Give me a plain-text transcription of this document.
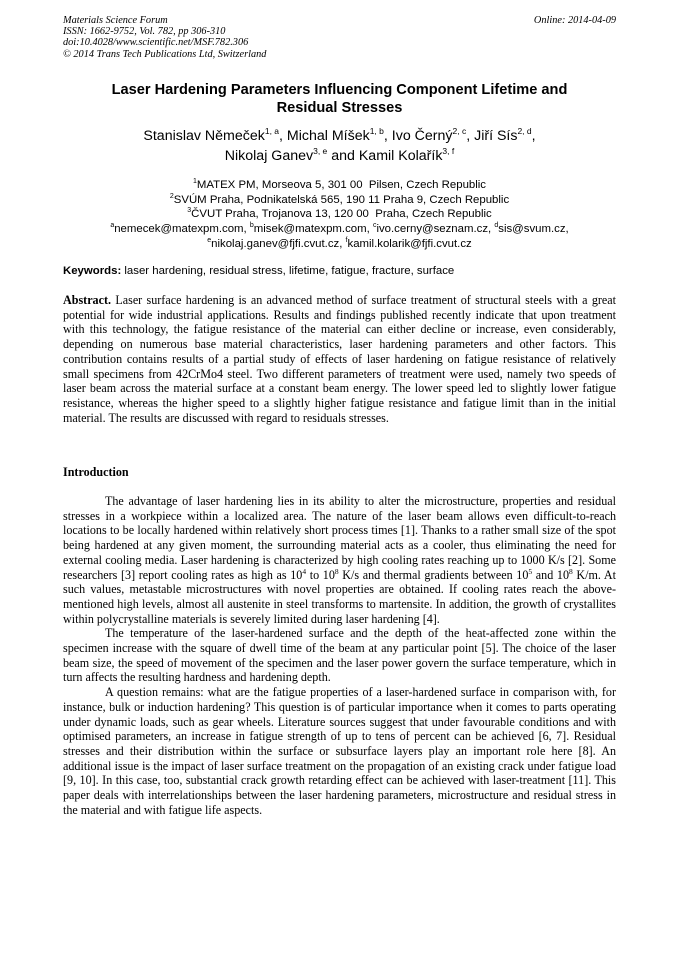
Materials Science Forum
ISSN: 1662-9752, Vol. 782, pp 306-310
doi:10.4028/www.scientific.net/MSF.782.306
© 2014 Trans Tech Publications Ltd, Switzerland
Online: 2014-04-09
Laser Hardening Parameters Influencing Component Lifetime and
Residual Stresses
Stanislav Němeček$^{1, a}$, Michal Míšek$^{1, b}$, Ivo Černý$^{2, c}$, Jiří Sís$^{2, d}$,
Nikolaj Ganev$^{3, e}$ and Kamil Kolařík$^{3, f}$
$^1$MATEX PM, Morseova 5, 301 00  Pilsen, Czech Republic
$^2$SVÚM Praha, Podnikatelská 565, 190 11 Praha 9, Czech Republic
$^3$ČVUT Praha, Trojanova 13, 120 00  Praha, Czech Republic
$^a$nemecek@matexpm.com, $^b$misek@matexpm.com, $^c$ivo.cerny@seznam.cz, $^d$sis@svum.cz,
$^e$nikolaj.ganev@fjfi.cvut.cz, $^f$kamil.kolarik@fjfi.cvut.cz
Keywords: laser hardening, residual stress, lifetime, fatigue, fracture, surface
Abstract. Laser surface hardening is an advanced method of surface treatment of structural steels with a great potential for wide industrial applications. Results and findings published recently indicate that upon treatment with this technology, the fatigue resistance of the material can either decline or increase, even considerably, depending on numerous base material characteristics, laser hardening parameters and other factors. This contribution contains results of a partial study of effects of laser hardening on fatigue resistance of relatively small specimens from 42CrMo4 steel. Two different parameters of treatment were used, namely two speeds of laser beam across the material surface at a constant beam energy. The lower speed led to slightly lower fatigue resistance, whereas the higher speed to a slightly higher fatigue resistance and fatigue limit than in the initial material. The results are discussed with regard to residuals stresses.
Introduction

The advantage of laser hardening lies in its ability to alter the microstructure, properties and residual stresses in a workpiece within a localized area. The nature of the laser beam allows even difficult-to-reach locations to be locally hardened within relatively short process times [1]. Thanks to a rather small size of the spot being hardened at any given moment, the surrounding material acts as a cooler, thus eliminating the need for external cooling media. Laser hardening is characterized by high cooling rates reaching up to 1000 K/s [2]. Some researchers [3] report cooling rates as high as $10^4$ to $10^8$ K/s and thermal gradients between $10^5$ and $10^8$ K/m. At such values, metastable microstructures with novel properties are obtained. If cooling rates reach the above-mentioned high levels, almost all austenite in steel transforms to martensite. In addition, the growth of crystallites within polycrystalline materials is severely limited during laser hardening [4].

The temperature of the laser-hardened surface and the depth of the heat-affected zone within the specimen increase with the square of dwell time of the beam at any particular point [5]. The choice of the laser beam size, the speed of movement of the specimen and the laser power govern the surface temperature, which in turn affects the resulting hardness and hardening depth.

A question remains: what are the fatigue properties of a laser-hardened surface in comparison with, for instance, bulk or induction hardening? This question is of particular importance when it comes to parts operating under dynamic loads, such as gear wheels. Literature sources suggest that under favourable conditions and with optimised parameters, an increase in fatigue strength of up to tens of percent can be achieved [6, 7]. Residual stresses and their distribution within the surface or subsurface layers play an important role here [8]. An additional issue is the impact of laser surface treatment on the propagation of an existing crack under fatigue load [9, 10]. In this case, too, substantial crack growth retarding effect can be achieved with laser-treatment [11]. This paper deals with interrelationships between the laser hardening parameters, microstructure and residual stress in the material and with fatigue life aspects.
